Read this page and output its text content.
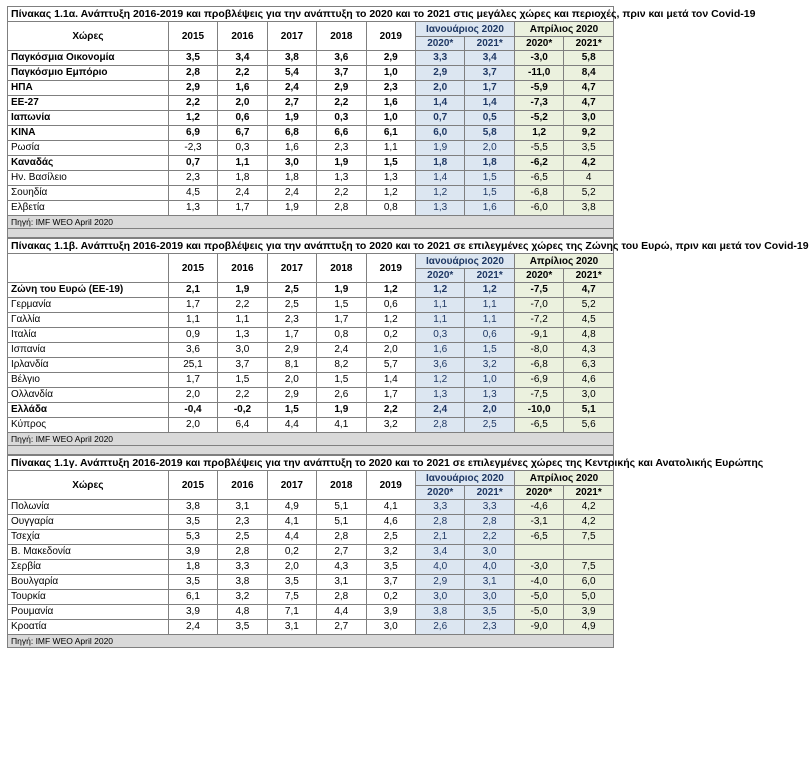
Πίνακας 1.1α. Ανάπτυξη 2016-2019 και προβλέψεις για την ανάπτυξη το 2020 και το 2021 στις μεγάλες χώρες και περιοχές, πριν και μετά τον Covid-19									
Χώρες	2015	2016	2017	2018	2019	Ιανουάριος 2020		Απρίλιος 2020	
						2020*	2021*	2020*	2021*
Παγκόσμια Οικονομία	3,5	3,4	3,8	3,6	2,9	3,3	3,4	-3,0	5,8
Παγκόσμιο Εμπόριο	2,8	2,2	5,4	3,7	1,0	2,9	3,7	-11,0	8,4
ΗΠΑ	2,9	1,6	2,4	2,9	2,3	2,0	1,7	-5,9	4,7
ΕΕ-27	2,2	2,0	2,7	2,2	1,6	1,4	1,4	-7,3	4,7
Ιαπωνία	1,2	0,6	1,9	0,3	1,0	0,7	0,5	-5,2	3,0
ΚΙΝΑ	6,9	6,7	6,8	6,6	6,1	6,0	5,8	1,2	9,2
Ρωσία	-2,3	0,3	1,6	2,3	1,1	1,9	2,0	-5,5	3,5
Καναδάς	0,7	1,1	3,0	1,9	1,5	1,8	1,8	-6,2	4,2
Ην. Βασίλειο	2,3	1,8	1,8	1,3	1,3	1,4	1,5	-6,5	4
Σουηδία	4,5	2,4	2,4	2,2	1,2	1,2	1,5	-6,8	5,2
Ελβετία	1,3	1,7	1,9	2,8	0,8	1,3	1,6	-6,0	3,8
Πηγή: IMF WEO April 2020									

Πίνακας 1.1β. Ανάπτυξη 2016-2019 και προβλέψεις για την ανάπτυξη το 2020 και το 2021 σε επιλεγμένες χώρες της Ζώνης του Ευρώ, πριν και μετά τον Covid-19									
	2015	2016	2017	2018	2019	Ιανουάριος 2020		Απρίλιος 2020	
						2020*	2021*	2020*	2021*
Ζώνη του Ευρώ (ΕΕ-19)	2,1	1,9	2,5	1,9	1,2	1,2	1,2	-7,5	4,7
Γερμανία	1,7	2,2	2,5	1,5	0,6	1,1	1,1	-7,0	5,2
Γαλλία	1,1	1,1	2,3	1,7	1,2	1,1	1,1	-7,2	4,5
Ιταλία	0,9	1,3	1,7	0,8	0,2	0,3	0,6	-9,1	4,8
Ισπανία	3,6	3,0	2,9	2,4	2,0	1,6	1,5	-8,0	4,3
Ιρλανδία	25,1	3,7	8,1	8,2	5,7	3,6	3,2	-6,8	6,3
Βέλγιο	1,7	1,5	2,0	1,5	1,4	1,2	1,0	-6,9	4,6
Ολλανδία	2,0	2,2	2,9	2,6	1,7	1,3	1,3	-7,5	3,0
Ελλάδα	-0,4	-0,2	1,5	1,9	2,2	2,4	2,0	-10,0	5,1
Κύπρος	2,0	6,4	4,4	4,1	3,2	2,8	2,5	-6,5	5,6
Πηγή: IMF WEO April 2020									

Πίνακας 1.1γ. Ανάπτυξη 2016-2019 και προβλέψεις για την ανάπτυξη το 2020 και το 2021 σε επιλεγμένες χώρες της Κεντρικής και Ανατολικής Ευρώπης									
Χώρες	2015	2016	2017	2018	2019	Ιανουάριος 2020		Απρίλιος 2020	
						2020*	2021*	2020*	2021*
Πολωνία	3,8	3,1	4,9	5,1	4,1	3,3	3,3	-4,6	4,2
Ουγγαρία	3,5	2,3	4,1	5,1	4,6	2,8	2,8	-3,1	4,2
Τσεχία	5,3	2,5	4,4	2,8	2,5	2,1	2,2	-6,5	7,5
Β. Μακεδονία	3,9	2,8	0,2	2,7	3,2	3,4	3,0		
Σερβία	1,8	3,3	2,0	4,3	3,5	4,0	4,0	-3,0	7,5
Βουλγαρία	3,5	3,8	3,5	3,1	3,7	2,9	3,1	-4,0	6,0
Τουρκία	6,1	3,2	7,5	2,8	0,2	3,0	3,0	-5,0	5,0
Ρουμανία	3,9	4,8	7,1	4,4	3,9	3,8	3,5	-5,0	3,9
Κροατία	2,4	3,5	3,1	2,7	3,0	2,6	2,3	-9,0	4,9
Πηγή: IMF WEO April 2020									
